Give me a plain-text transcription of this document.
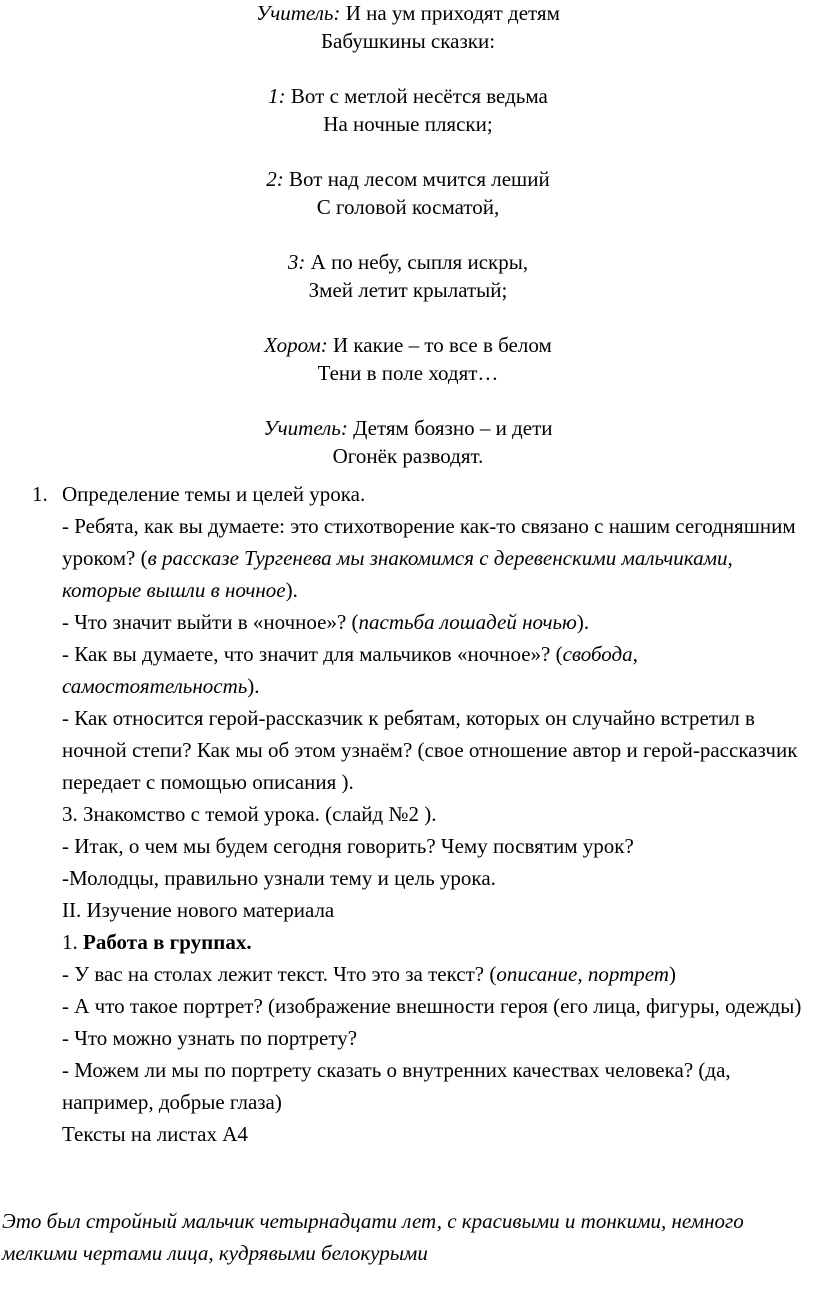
Учитель: И на ум приходят детям
Бабушкины сказки:
1: Вот с метлой несётся ведьма
На ночные пляски;
2: Вот над лесом мчится леший
С головой косматой,
3: А по небу, сыпля искры,
Змей летит крылатый;
Хором: И какие – то все в белом
Тени в поле ходят…
Учитель: Детям боязно – и дети
Огонёк разводят.

1. Определение темы и целей урока.

- Ребята, как вы думаете: это стихотворение как-то связано с нашим сегодняшним уроком? (в рассказе Тургенева мы знакомимся с деревенскими мальчиками, которые вышли в ночное).

- Что значит выйти в «ночное»? (пастьба лошадей ночью).

- Как вы думаете, что значит для мальчиков «ночное»? (свобода, самостоятельность).

- Как относится герой-рассказчик к ребятам, которых он случайно встретил в ночной степи? Как мы об этом узнаём? (свое отношение автор и герой-рассказчик передает с помощью описания ).

3. Знакомство с темой урока. (слайд №2 ).

- Итак, о чем мы будем сегодня говорить? Чему посвятим урок?

-Молодцы, правильно узнали тему и цель урока.

II. Изучение нового материала

1. Работа в группах.

- У вас на столах лежит текст. Что это за текст? (описание, портрет)

- А что такое портрет? (изображение внешности героя (его лица, фигуры, одежды)

- Что можно узнать по портрету?

- Можем ли мы по портрету сказать о внутренних качествах человека? (да, например, добрые глаза)

Тексты на листах А4

Это был стройный мальчик четырнадцати лет, с красивыми и тонкими, немного мелкими чертами лица, кудрявыми белокурыми
